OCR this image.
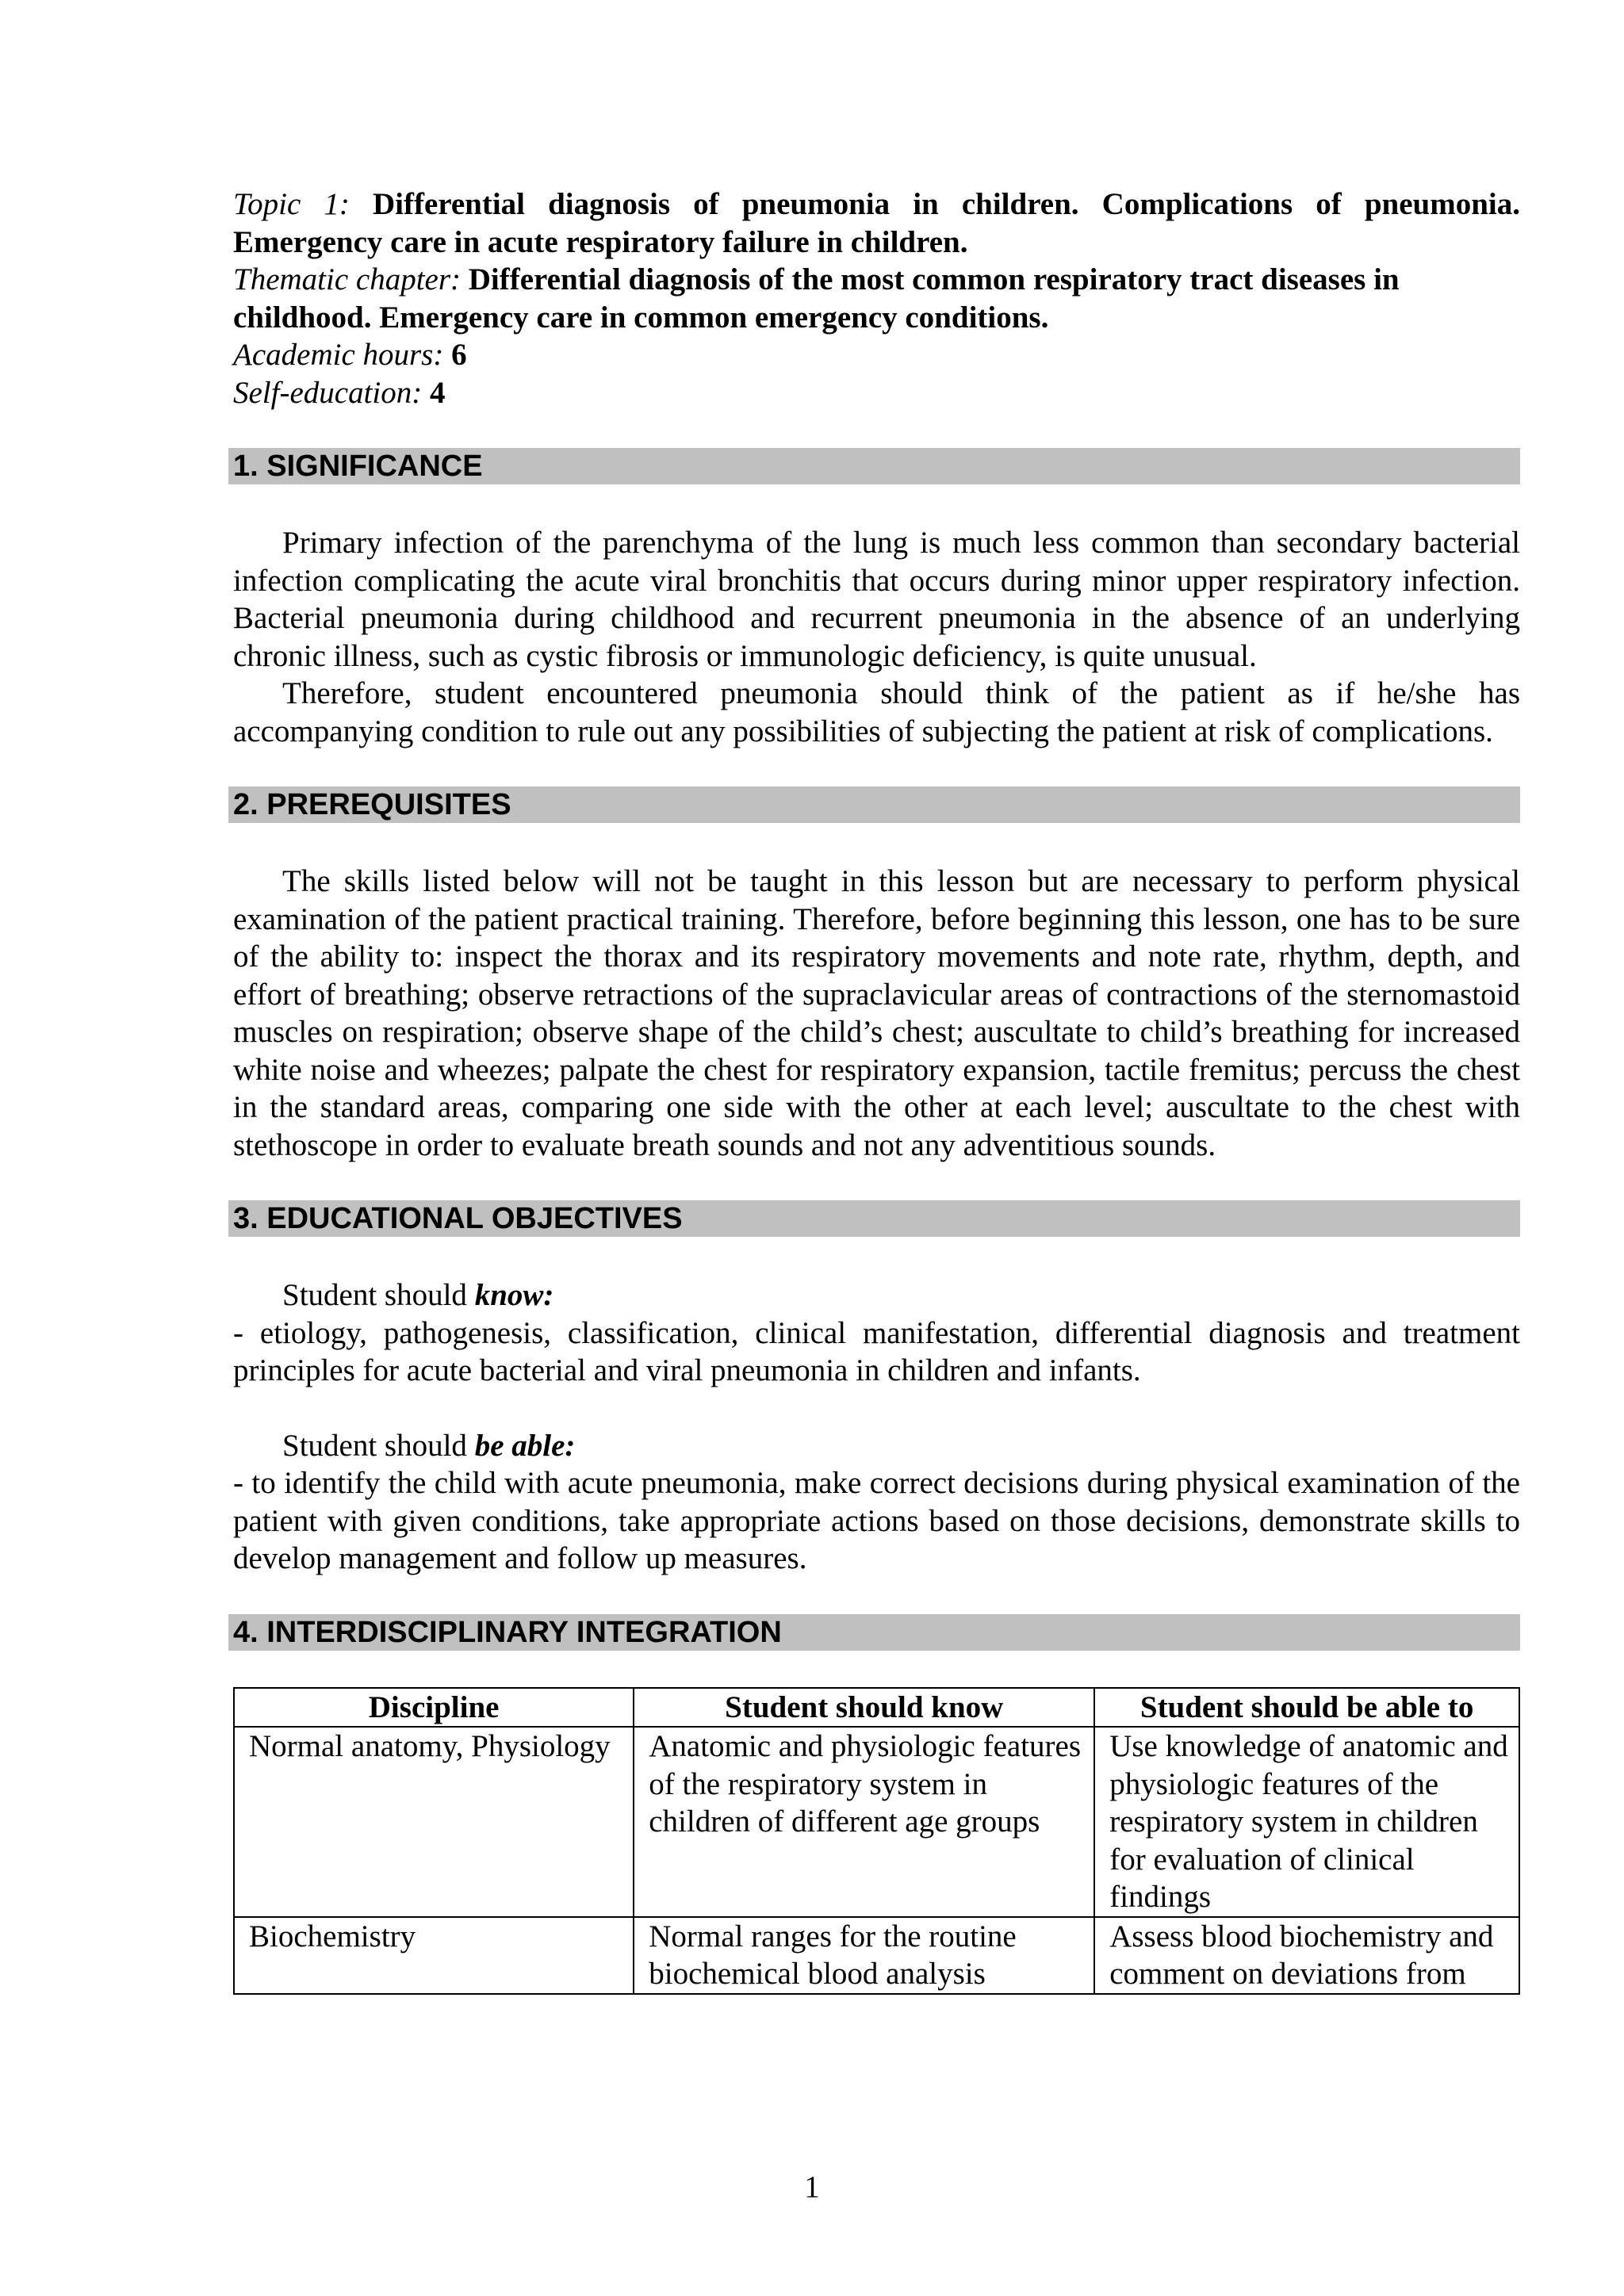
Topic 1: Differential diagnosis of pneumonia in children. Complications of pneumonia. Emergency care in acute respiratory failure in children.

Thematic chapter: Differential diagnosis of the most common respiratory tract diseases in childhood. Emergency care in common emergency conditions.

Academic hours: 6

Self-education: 4

1. SIGNIFICANCE

Primary infection of the parenchyma of the lung is much less common than secondary bacterial infection complicating the acute viral bronchitis that occurs during minor upper respiratory infection. Bacterial pneumonia during childhood and recurrent pneumonia in the absence of an underlying chronic illness, such as cystic fibrosis or immunologic deficiency, is quite unusual.

Therefore, student encountered pneumonia should think of the patient as if he/she has accompanying condition to rule out any possibilities of subjecting the patient at risk of complications.

2. PREREQUISITES

The skills listed below will not be taught in this lesson but are necessary to perform physical examination of the patient practical training. Therefore, before beginning this lesson, one has to be sure of the ability to: inspect the thorax and its respiratory movements and note rate, rhythm, depth, and effort of breathing; observe retractions of the supraclavicular areas of contractions of the sternomastoid muscles on respiration; observe shape of the child’s chest; auscultate to child’s breathing for increased white noise and wheezes; palpate the chest for respiratory expansion, tactile fremitus; percuss the chest in the standard areas, comparing one side with the other at each level; auscultate to the chest with stethoscope in order to evaluate breath sounds and not any adventitious sounds.

3. EDUCATIONAL OBJECTIVES

Student should know:

- etiology, pathogenesis, classification, clinical manifestation, differential diagnosis and treatment principles for acute bacterial and viral pneumonia in children and infants.

Student should be able:

- to identify the child with acute pneumonia, make correct decisions during physical examination of the patient with given conditions, take appropriate actions based on those decisions, demonstrate skills to develop management and follow up measures.

4. INTERDISCIPLINARY INTEGRATION
Discipline	Student should know	Student should be able to
Normal anatomy, Physiology	Anatomic and physiologic features of the respiratory system in children of different age groups	Use knowledge of anatomic and physiologic features of the respiratory system in children for evaluation of clinical findings
Biochemistry	Normal ranges for the routine biochemical blood analysis	Assess blood biochemistry and comment on deviations from
1
